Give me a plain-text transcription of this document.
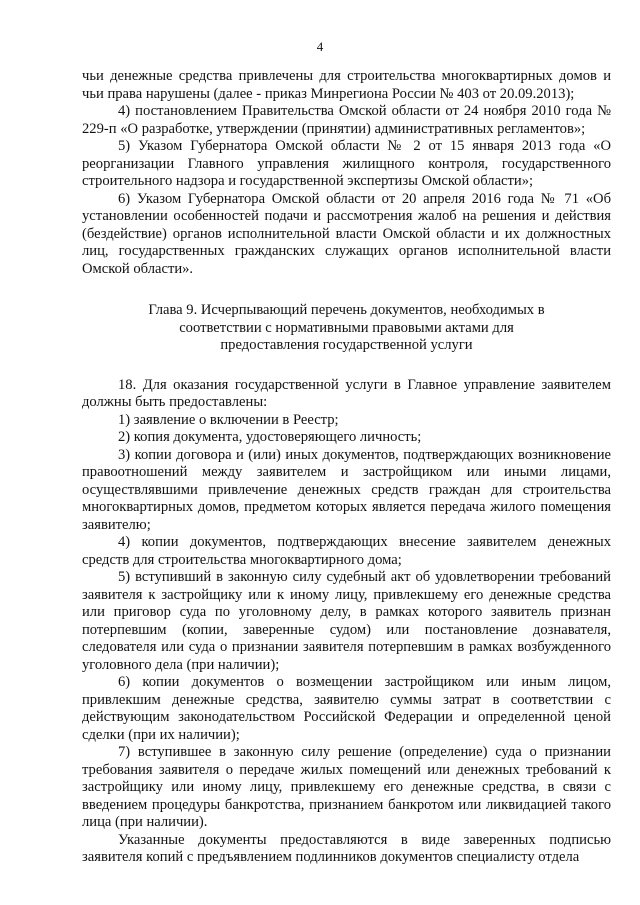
4

чьи денежные средства привлечены для строительства многоквартирных домов и чьи права нарушены (далее - приказ Минрегиона России № 403 от 20.09.2013);

4) постановлением Правительства Омской области от 24 ноября 2010 года № 229-п «О разработке, утверждении (принятии) административных регламентов»;

5) Указом Губернатора Омской области № 2 от 15 января 2013 года «О реорганизации Главного управления жилищного контроля, государственного строительного надзора и государственной экспертизы Омской области»;

6) Указом Губернатора Омской области от 20 апреля 2016 года № 71 «Об установлении особенностей подачи и рассмотрения жалоб на решения и действия (бездействие) органов исполнительной власти Омской области и их должностных лиц, государственных гражданских служащих органов исполнительной власти Омской области».

Глава 9. Исчерпывающий перечень документов, необходимых в
соответствии с нормативными правовыми актами для
предоставления государственной услуги

18. Для оказания государственной услуги в Главное управление заявителем должны быть предоставлены:

1) заявление о включении в Реестр;

2) копия документа, удостоверяющего личность;

3) копии договора и (или) иных документов, подтверждающих возникновение правоотношений между заявителем и застройщиком или иными лицами, осуществлявшими привлечение денежных средств граждан для строительства многоквартирных домов, предметом которых является передача жилого помещения заявителю;

4) копии документов, подтверждающих внесение заявителем денежных средств для строительства многоквартирного дома;

5) вступивший в законную силу судебный акт об удовлетворении требований заявителя к застройщику или к иному лицу, привлекшему его денежные средства или приговор суда по уголовному делу, в рамках которого заявитель признан потерпевшим (копии, заверенные судом) или постановление дознавателя, следователя или суда о признании заявителя потерпевшим в рамках возбужденного уголовного дела (при наличии);

6) копии документов о возмещении застройщиком или иным лицом, привлекшим денежные средства, заявителю суммы затрат в соответствии с действующим законодательством Российской Федерации и определенной ценой сделки (при их наличии);

7) вступившее в законную силу решение (определение) суда о признании требования заявителя о передаче жилых помещений или денежных требований к застройщику или иному лицу, привлекшему его денежные средства, в связи с введением процедуры банкротства, признанием банкротом или ликвидацией такого лица (при наличии).

Указанные документы предоставляются в виде заверенных подписью заявителя копий с предъявлением подлинников документов специалисту отдела
